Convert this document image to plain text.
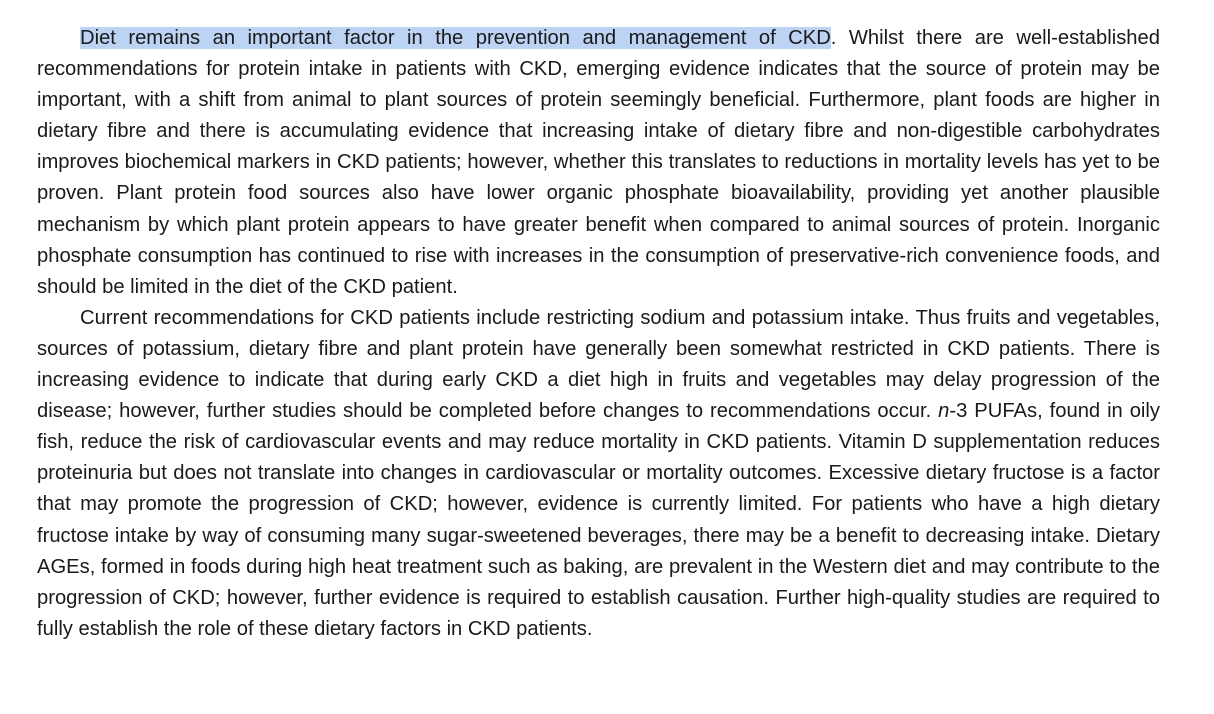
Diet remains an important factor in the prevention and management of CKD. Whilst there are well-established recommendations for protein intake in patients with CKD, emerging evidence indicates that the source of protein may be important, with a shift from animal to plant sources of protein seemingly beneficial. Furthermore, plant foods are higher in dietary fibre and there is accumulating evidence that increasing intake of dietary fibre and non-digestible carbohydrates improves biochemical markers in CKD patients; however, whether this translates to reductions in mortality levels has yet to be proven. Plant protein food sources also have lower organic phosphate bioavailability, providing yet another plausible mechanism by which plant protein appears to have greater benefit when compared to animal sources of protein. Inorganic phosphate consumption has continued to rise with increases in the consumption of preservative-rich convenience foods, and should be limited in the diet of the CKD patient.

Current recommendations for CKD patients include restricting sodium and potassium intake. Thus fruits and vegetables, sources of potassium, dietary fibre and plant protein have generally been somewhat restricted in CKD patients. There is increasing evidence to indicate that during early CKD a diet high in fruits and vegetables may delay progression of the disease; however, further studies should be completed before changes to recommendations occur. n-3 PUFAs, found in oily fish, reduce the risk of cardiovascular events and may reduce mortality in CKD patients. Vitamin D supplementation reduces proteinuria but does not translate into changes in cardiovascular or mortality outcomes. Excessive dietary fructose is a factor that may promote the progression of CKD; however, evidence is currently limited. For patients who have a high dietary fructose intake by way of consuming many sugar-sweetened beverages, there may be a benefit to decreasing intake. Dietary AGEs, formed in foods during high heat treatment such as baking, are prevalent in the Western diet and may contribute to the progression of CKD; however, further evidence is required to establish causation. Further high-quality studies are required to fully establish the role of these dietary factors in CKD patients.
